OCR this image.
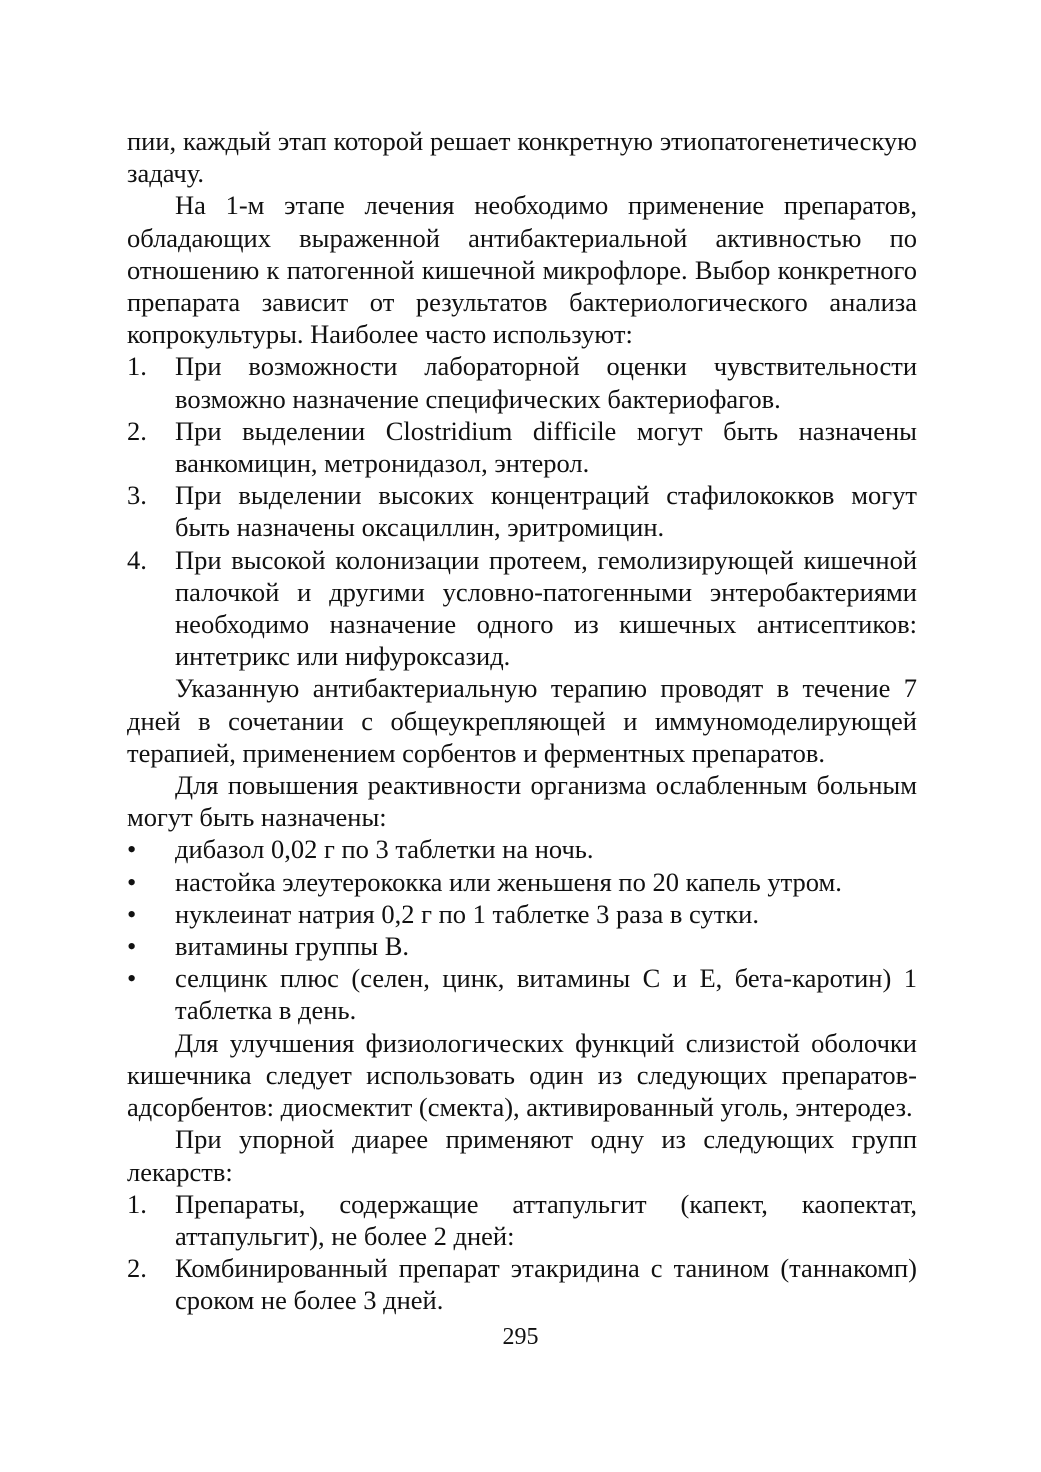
пии, каждый этап которой решает конкретную этиопатогенетическую задачу.

На 1-м этапе лечения необходимо применение препаратов, обладающих выраженной антибактериальной активностью по отношению к патогенной кишечной микрофлоре. Выбор конкретного препарата зависит от результатов бактериологического анализа копрокультуры. Наиболее часто используют:

1. При возможности лабораторной оценки чувствительности возможно назначение специфических бактериофагов.
2. При выделении Clostridium difficile могут быть назначены ванкомицин, метронидазол, энтерол.
3. При выделении высоких концентраций стафилококков могут быть назначены оксациллин, эритромицин.
4. При высокой колонизации протеем, гемолизирующей кишечной палочкой и другими условно-патогенными энтеробактериями необходимо назначение одного из кишечных антисептиков: интетрикс или нифуроксазид.

Указанную антибактериальную терапию проводят в течение 7 дней в сочетании с общеукрепляющей и иммуномоделирующей терапией, применением сорбентов и ферментных препаратов.

Для повышения реактивности организма ослабленным больным могут быть назначены:

• дибазол 0,02 г по 3 таблетки на ночь.
• настойка элеутерококка или женьшеня по 20 капель утром.
• нуклеинат натрия 0,2 г по 1 таблетке 3 раза в сутки.
• витамины группы В.
• селцинк плюс (селен, цинк, витамины С и Е, бета-каротин) 1 таблетка в день.

Для улучшения физиологических функций слизистой оболочки кишечника следует использовать один из следующих препаратов-адсорбентов: диосмектит (смекта), активированный уголь, энтеродез.

При упорной диарее применяют одну из следующих групп лекарств:

1. Препараты, содержащие аттапульгит (капект, каопектат, аттапульгит), не более 2 дней:
2. Комбинированный препарат этакридина с танином (таннакомп) сроком не более 3 дней.
295
